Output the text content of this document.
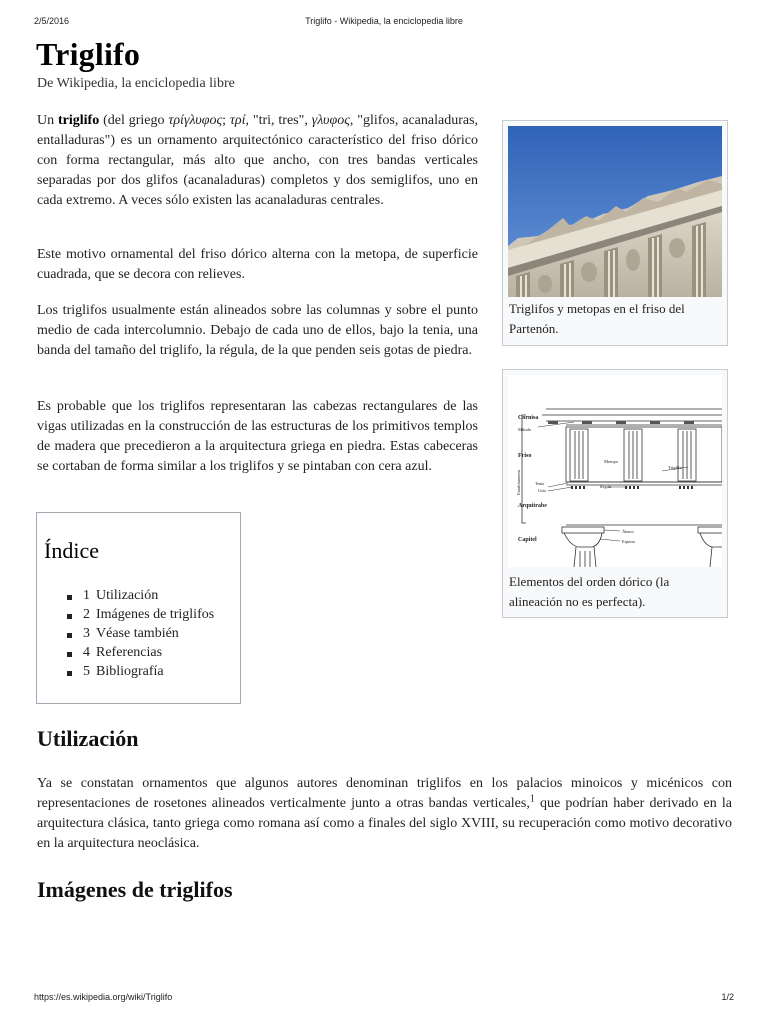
2/5/2016	Triglifo - Wikipedia, la enciclopedia libre
Triglifo
De Wikipedia, la enciclopedia libre

Un triglifo (del griego τρίγλυφος; τρί, "tri, tres", γλυφος, "glifos, acanaladuras, entalladuras") es un ornamento arquitectónico característico del friso dórico con forma rectangular, más alto que ancho, con tres bandas verticales separadas por dos glifos (acanaladuras) completos y dos semiglifos, uno en cada extremo. A veces sólo existen las acanaladuras centrales.

Este motivo ornamental del friso dórico alterna con la metopa, de superficie cuadrada, que se decora con relieves.

Los triglifos usualmente están alineados sobre las columnas y sobre el punto medio de cada intercolumnio. Debajo de cada uno de ellos, bajo la tenia, una banda del tamaño del triglifo, la régula, de la que penden seis gotas de piedra.

Es probable que los triglifos representaran las cabezas rectangulares de las vigas utilizadas en la construcción de las estructuras de los primitivos templos de madera que precedieron a la arquitectura griega en piedra. Estas cabeceras se cortaban de forma similar a los triglifos y se pintaban con cera azul.

Triglifos y metopas en el friso del Partenón.
Cornisa
Mútulo
Entablamento
Friso
Metopa
Triglifo
Tenia
Gota
Régula
Arquitrabe
Capitel
Ábaco
Equino
Elementos del orden dórico (la alineación no es perfecta).
Índice
1 Utilización
2 Imágenes de triglifos
3 Véase también
4 Referencias
5 Bibliografía
Utilización

Ya se constatan ornamentos que algunos autores denominan triglifos en los palacios minoicos y micénicos con representaciones de rosetones alineados verticalmente junto a otras bandas verticales,$^1$ que podrían haber derivado en la arquitectura clásica, tanto griega como romana así como a finales del siglo XVIII, su recuperación como motivo decorativo en la arquitectura neoclásica.

Imágenes de triglifos
https://es.wikipedia.org/wiki/Triglifo	1/2
